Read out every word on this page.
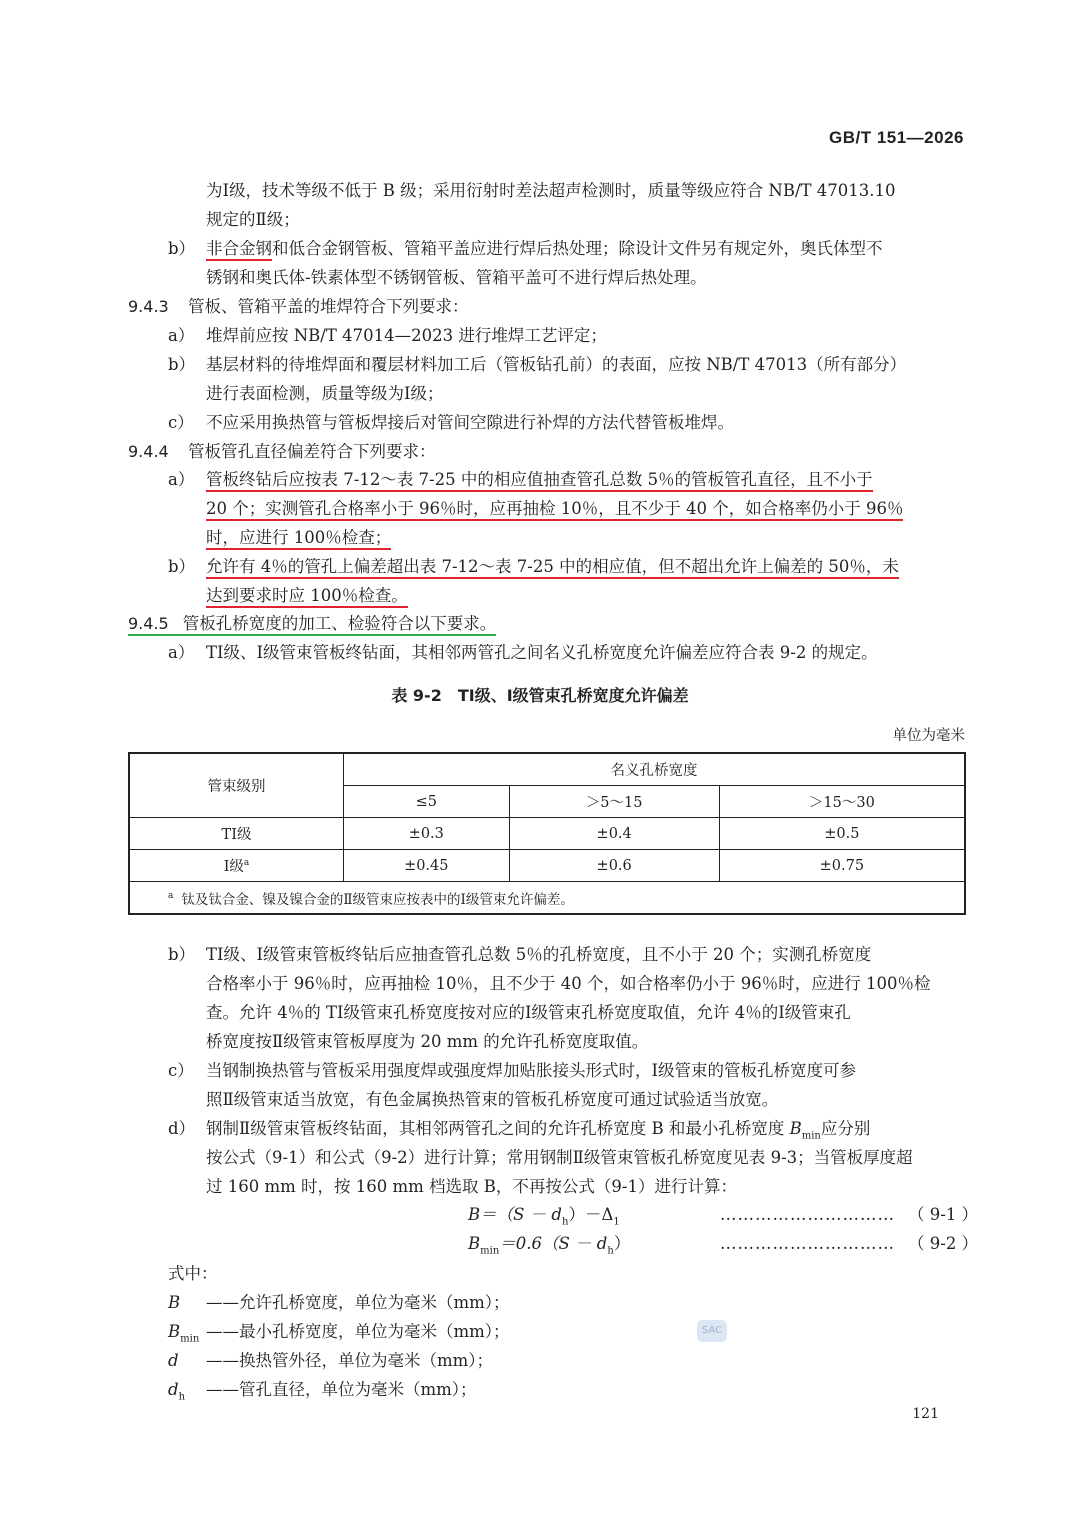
GB/T 151—2026
为Ⅰ级，技术等级不低于 B 级；采用衍射时差法超声检测时，质量等级应符合 NB/T 47013.10
规定的Ⅱ级；
b） 非合金钢和低合金钢管板、管箱平盖应进行焊后热处理；除设计文件另有规定外，奥氏体型不
锈钢和奥氏体-铁素体型不锈钢管板、管箱平盖可不进行焊后热处理。
9.4.3 管板、管箱平盖的堆焊符合下列要求：
a） 堆焊前应按 NB/T 47014—2023 进行堆焊工艺评定；
b） 基层材料的待堆焊面和覆层材料加工后（管板钻孔前）的表面，应按 NB/T 47013（所有部分）
进行表面检测，质量等级为Ⅰ级；
c） 不应采用换热管与管板焊接后对管间空隙进行补焊的方法代替管板堆焊。
9.4.4 管板管孔直径偏差符合下列要求：
a） 管板终钻后应按表 7-12～表 7-25 中的相应值抽查管孔总数 5％的管板管孔直径，且不小于
20 个；实测管孔合格率小于 96％时，应再抽检 10％，且不少于 40 个，如合格率仍小于 96％
时，应进行 100％检查；
b） 允许有 4％的管孔上偏差超出表 7-12～表 7-25 中的相应值，但不超出允许上偏差的 50％，未
达到要求时应 100％检查。
9.4.5 管板孔桥宽度的加工、检验符合以下要求。
a） TⅠ级、Ⅰ级管束管板终钻面，其相邻两管孔之间名义孔桥宽度允许偏差应符合表 9-2 的规定。
表 9-2　TⅠ级、Ⅰ级管束孔桥宽度允许偏差
单位为毫米
管束级别	名义孔桥宽度		
	≤5	＞5～15	＞15～30
TⅠ级	±0.3	±0.4	±0.5
Ⅰ级$^a$	±0.45	±0.6	±0.75
$^a$ 钛及钛合金、镍及镍合金的Ⅱ级管束应按表中的Ⅰ级管束允许偏差。			
b） TⅠ级、Ⅰ级管束管板终钻后应抽查管孔总数 5％的孔桥宽度，且不小于 20 个；实测孔桥宽度
合格率小于 96％时，应再抽检 10％，且不少于 40 个，如合格率仍小于 96％时，应进行 100％检
查。允许 4％的 TⅠ级管束孔桥宽度按对应的Ⅰ级管束孔桥宽度取值，允许 4％的Ⅰ级管束孔
桥宽度按Ⅱ级管束管板厚度为 20 mm 的允许孔桥宽度取值。
c） 当钢制换热管与管板采用强度焊或强度焊加贴胀接头形式时，Ⅰ级管束的管板孔桥宽度可参
照Ⅱ级管束适当放宽，有色金属换热管束的管板孔桥宽度可通过试验适当放宽。
d） 钢制Ⅱ级管束管板终钻面，其相邻两管孔之间的允许孔桥宽度 B 和最小孔桥宽度 $B_{min}$应分别
按公式（9-1）和公式（9-2）进行计算；常用钢制Ⅱ级管束管板孔桥宽度见表 9-3；当管板厚度超
过 160 mm 时，按 160 mm 档选取 B，不再按公式（9-1）进行计算：
$B=(S - d_h)-\Delta_1$	………………………… （ 9-1 ）
$B_{min}=0.6(S - d_h)$	………………………… （ 9-2 ）
式中：
B ——允许孔桥宽度，单位为毫米（mm）；
$B_{min}$ ——最小孔桥宽度，单位为毫米（mm）；
d ——换热管外径，单位为毫米（mm）；
$d_h$ ——管孔直径，单位为毫米（mm）；
SAC
121
